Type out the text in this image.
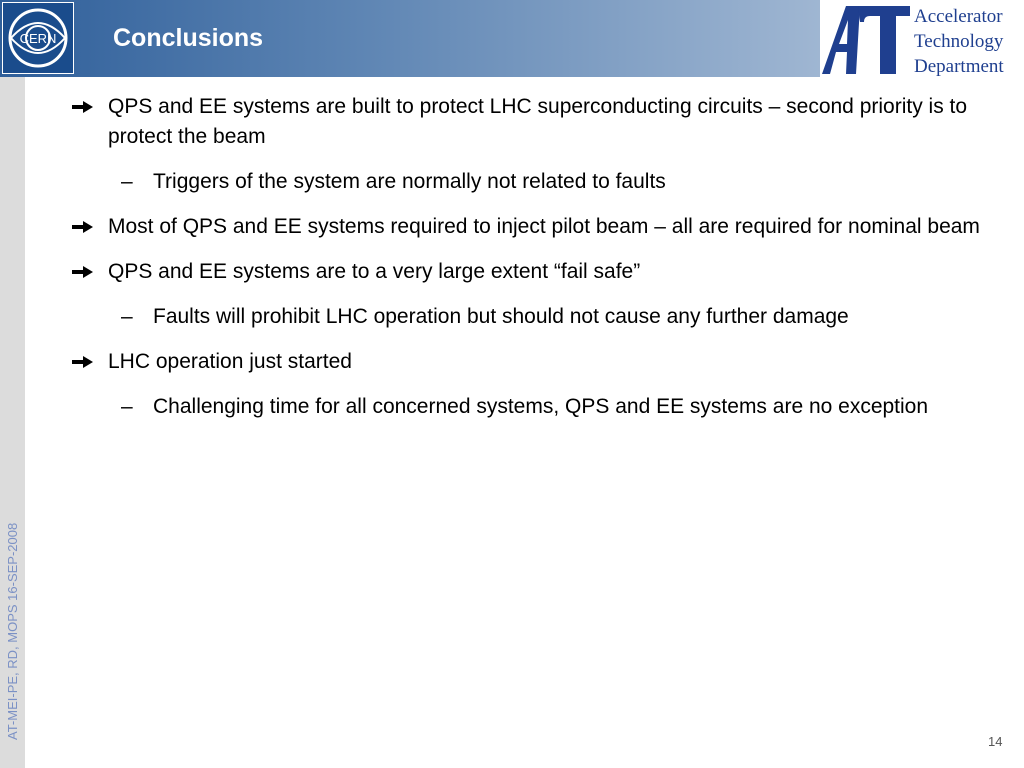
CERN Conclusions
Accelerator
Technology
Department
AT-MEI-PE, RD, MOPS 16-SEP-2008
QPS and EE systems are built to protect LHC superconducting circuits – second priority is to protect the beam
– Triggers of the system are normally not related to faults
Most of QPS and EE systems required to inject pilot beam – all are required for nominal beam
QPS and EE systems are to a very large extent “fail safe”
– Faults will prohibit LHC operation but should not cause any further damage
LHC operation just started
– Challenging time for all concerned systems, QPS and EE systems are no exception
14
